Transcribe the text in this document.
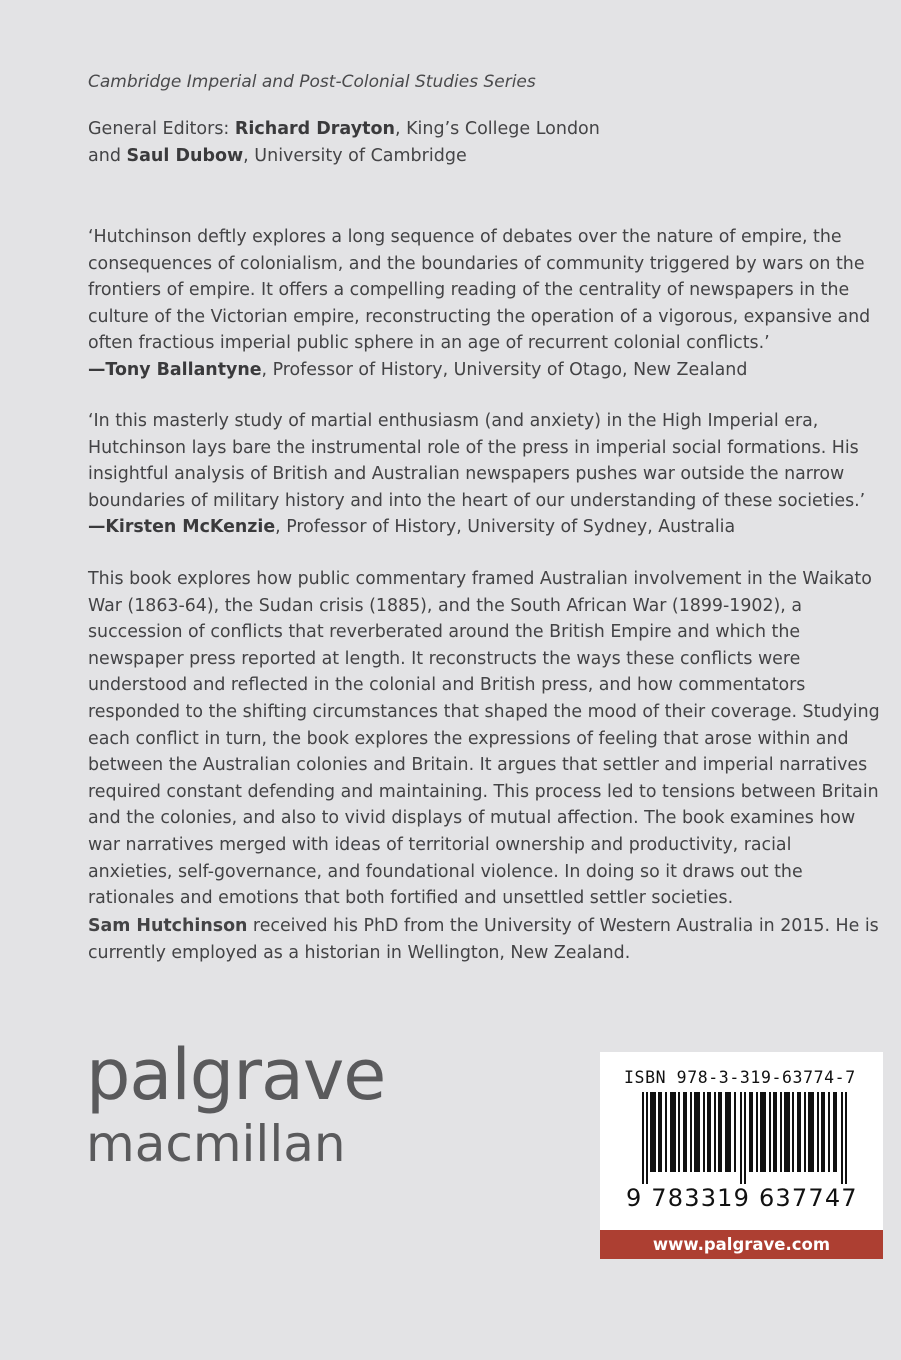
Cambridge Imperial and Post-Colonial Studies Series
General Editors: Richard Drayton, King’s College London
and Saul Dubow, University of Cambridge

‘Hutchinson deftly explores a long sequence of debates over the nature of empire, the consequences of colonialism, and the boundaries of community triggered by wars on the frontiers of empire. It offers a compelling reading of the centrality of newspapers in the culture of the Victorian empire, reconstructing the operation of a vigorous, expansive and often fractious imperial public sphere in an age of recurrent colonial conflicts.’

—Tony Ballantyne, Professor of History, University of Otago, New Zealand

‘In this masterly study of martial enthusiasm (and anxiety) in the High Imperial era, Hutchinson lays bare the instrumental role of the press in imperial social formations. His insightful analysis of British and Australian newspapers pushes war outside the narrow boundaries of military history and into the heart of our understanding of these societies.’

—Kirsten McKenzie, Professor of History, University of Sydney, Australia

This book explores how public commentary framed Australian involvement in the Waikato War (1863-64), the Sudan crisis (1885), and the South African War (1899-1902), a succession of conflicts that reverberated around the British Empire and which the newspaper press reported at length. It reconstructs the ways these conflicts were understood and reflected in the colonial and British press, and how commentators responded to the shifting circumstances that shaped the mood of their coverage. Studying each conflict in turn, the book explores the expressions of feeling that arose within and between the Australian colonies and Britain. It argues that settler and imperial narratives required constant defending and maintaining. This process led to tensions between Britain and the colonies, and also to vivid displays of mutual affection. The book examines how war narratives merged with ideas of territorial ownership and productivity, racial anxieties, self-governance, and foundational violence. In doing so it draws out the rationales and emotions that both fortified and unsettled settler societies.

Sam Hutchinson received his PhD from the University of Western Australia in 2015. He is currently employed as a historian in Wellington, New Zealand.

palgrave
macmillan
ISBN 978-3-319-63774-7
9 783319 637747
www.palgrave.com
